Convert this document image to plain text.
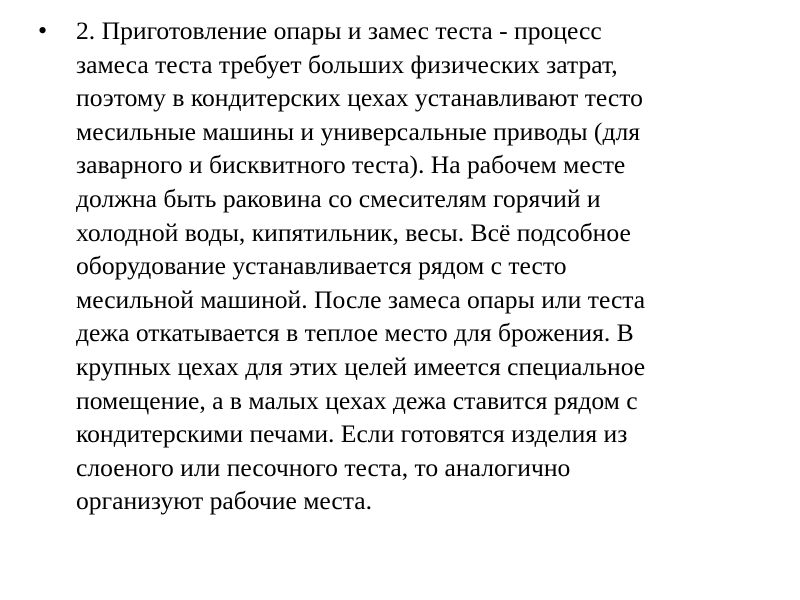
• 2. Приготовление опары и замес теста - процесс
замеса теста требует больших физических затрат,
поэтому в кондитерских цехах устанавливают тесто
месильные машины и универсальные приводы (для
заварного и бисквитного теста). На рабочем месте
должна быть раковина со смесителям горячий и
холодной воды, кипятильник, весы. Всё подсобное
оборудование устанавливается рядом с тесто
месильной машиной. После замеса опары или теста
дежа откатывается в теплое место для брожения. В
крупных цехах для этих целей имеется специальное
помещение, а в малых цехах дежа ставится рядом с
кондитерскими печами. Если готовятся изделия из
слоеного или песочного теста, то аналогично
организуют рабочие места.
